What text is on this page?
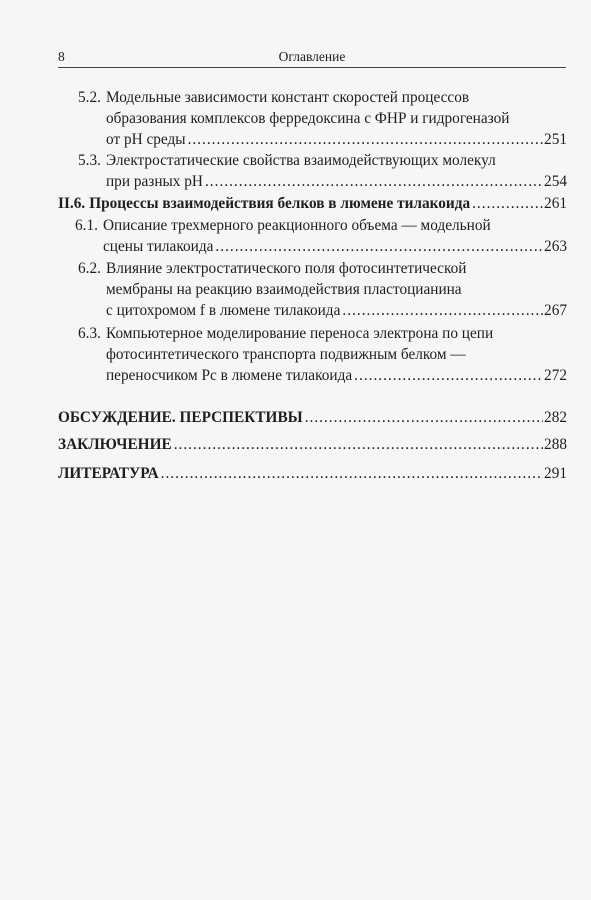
8	Оглавление
5.2. Модельные зависимости констант скоростей процессов
образования комплексов ферредоксина с ФНР и гидрогеназой
от pH среды .....	251
5.3. Электростатические свойства взаимодействующих молекул
при разных pH .....	254
II.6. Процессы взаимодействия белков в люмене тилакоида .....	261
6.1. Описание трехмерного реакционного объема — модельной
сцены тилакоида .....	263
6.2. Влияние электростатического поля фотосинтетической
мембраны на реакцию взаимодействия пластоцианина
с цитохромом f в люмене тилакоида .....	267
6.3. Компьютерное моделирование переноса электрона по цепи
фотосинтетического транспорта подвижным белком —
переносчиком Pc в люмене тилакоида .....	272
ОБСУЖДЕНИЕ. ПЕРСПЕКТИВЫ .....	282
ЗАКЛЮЧЕНИЕ .....	288
ЛИТЕРАТУРА .....	291
